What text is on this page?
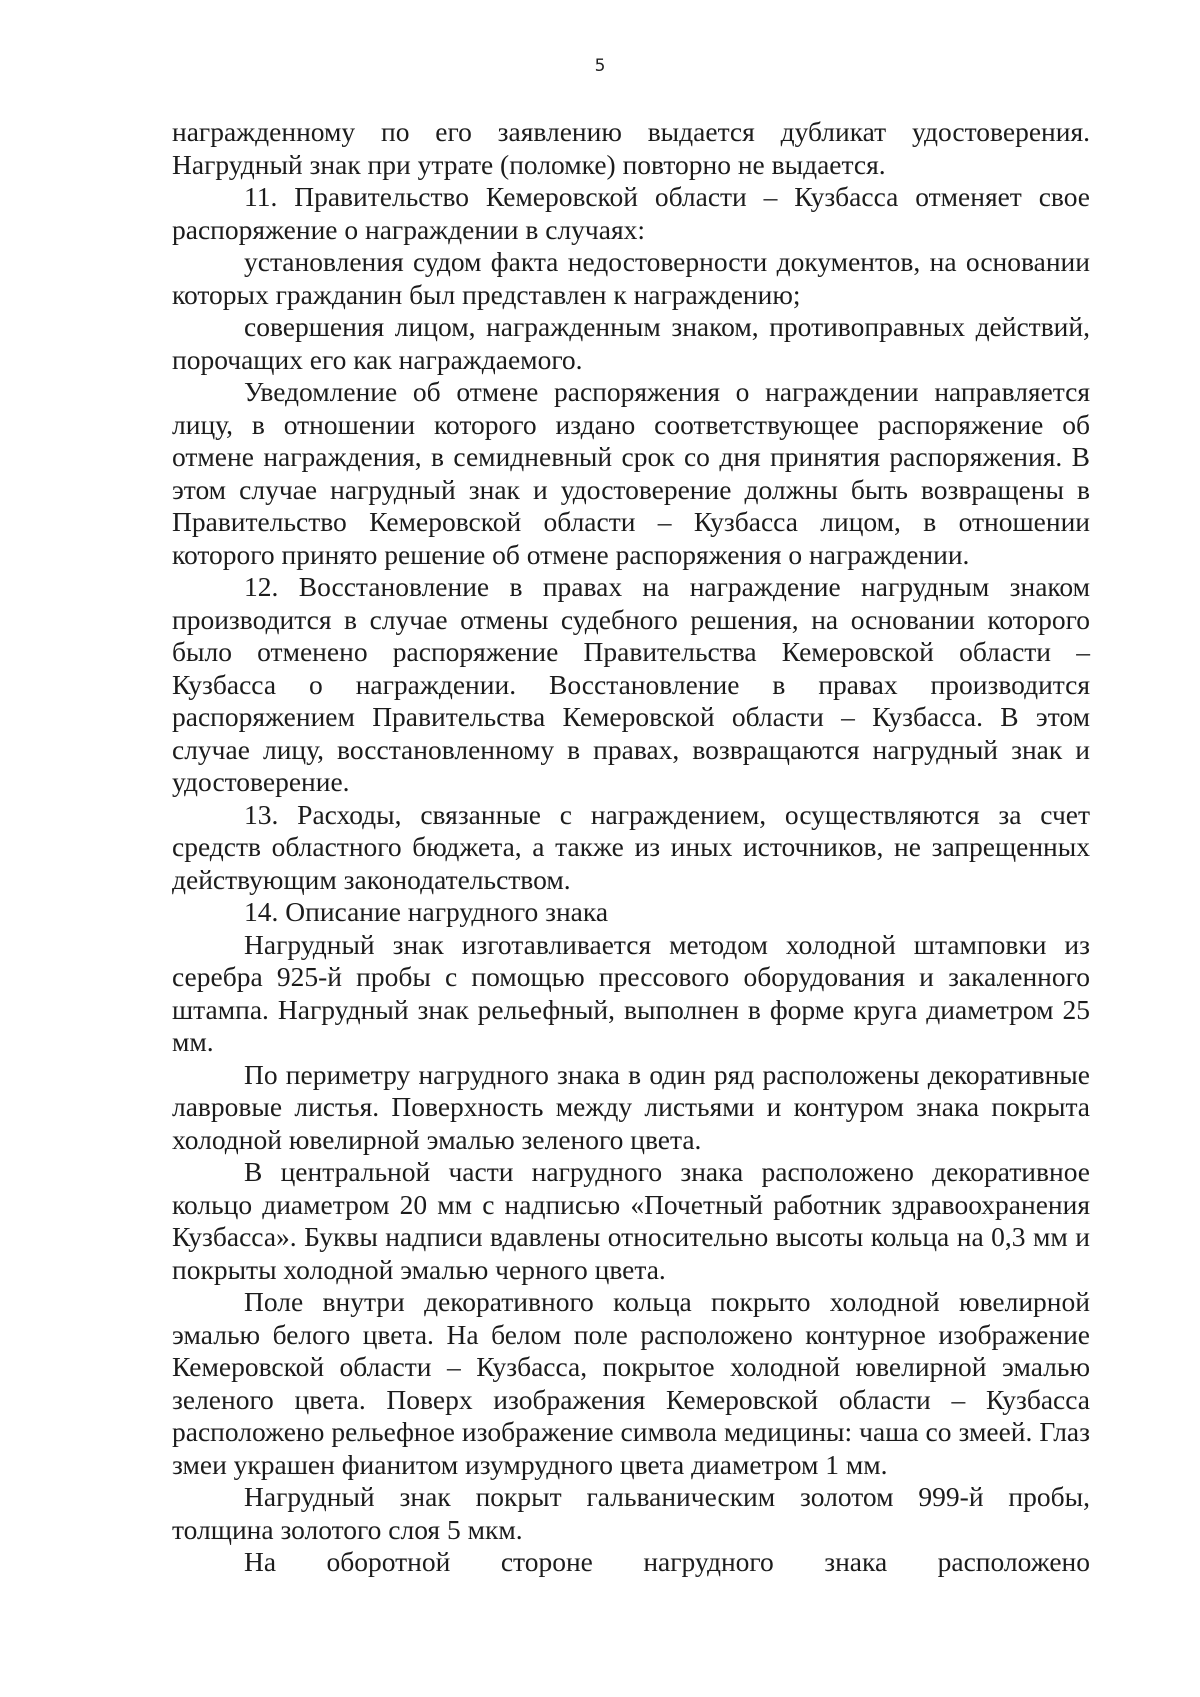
5

награжденному по его заявлению выдается дубликат удостоверения. Нагрудный знак при утрате (поломке) повторно не выдается.

11. Правительство Кемеровской области – Кузбасса отменяет свое распоряжение о награждении в случаях:

установления судом факта недостоверности документов, на основании которых гражданин был представлен к награждению;

совершения лицом, награжденным знаком, противоправных действий, порочащих его как награждаемого.

Уведомление об отмене распоряжения о награждении направляется лицу, в отношении которого издано соответствующее распоряжение об отмене награждения, в семидневный срок со дня принятия распоряжения. В этом случае нагрудный знак и удостоверение должны быть возвращены в Правительство Кемеровской области – Кузбасса лицом, в отношении которого принято решение об отмене распоряжения о награждении.

12. Восстановление в правах на награждение нагрудным знаком производится в случае отмены судебного решения, на основании которого было отменено распоряжение Правительства Кемеровской области – Кузбасса о награждении. Восстановление в правах производится распоряжением Правительства Кемеровской области – Кузбасса. В этом случае лицу, восстановленному в правах, возвращаются нагрудный знак и удостоверение.

13. Расходы, связанные с награждением, осуществляются за счет средств областного бюджета, а также из иных источников, не запрещенных действующим законодательством.

14. Описание нагрудного знака

Нагрудный знак изготавливается методом холодной штамповки из серебра 925-й пробы с помощью прессового оборудования и закаленного штампа. Нагрудный знак рельефный, выполнен в форме круга диаметром 25 мм.

По периметру нагрудного знака в один ряд расположены декоративные лавровые листья. Поверхность между листьями и контуром знака покрыта холодной ювелирной эмалью зеленого цвета.

В центральной части нагрудного знака расположено декоративное кольцо диаметром 20 мм с надписью «Почетный работник здравоохранения Кузбасса». Буквы надписи вдавлены относительно высоты кольца на 0,3 мм и покрыты холодной эмалью черного цвета.

Поле внутри декоративного кольца покрыто холодной ювелирной эмалью белого цвета. На белом поле расположено контурное изображение Кемеровской области – Кузбасса, покрытое холодной ювелирной эмалью зеленого цвета. Поверх изображения Кемеровской области – Кузбасса расположено рельефное изображение символа медицины: чаша со змеей. Глаз змеи украшен фианитом изумрудного цвета диаметром 1 мм.

Нагрудный знак покрыт гальваническим золотом 999-й пробы, толщина золотого слоя 5 мкм.

На оборотной стороне нагрудного знака расположено
